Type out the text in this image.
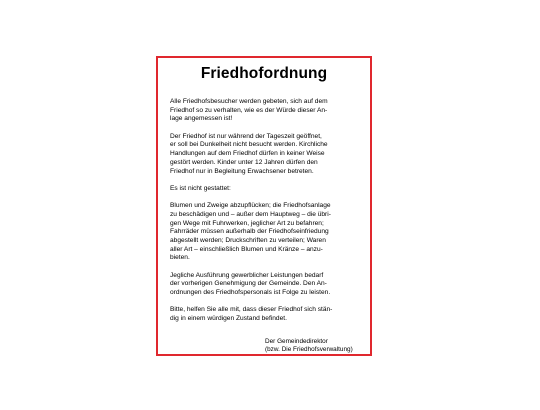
Friedhofordnung

Alle Friedhofsbesucher werden gebeten, sich auf dem
Friedhof so zu verhalten, wie es der Würde dieser An-
lage angemessen ist!

Der Friedhof ist nur während der Tageszeit geöffnet,
er soll bei Dunkelheit nicht besucht werden. Kirchliche
Handlungen auf dem Friedhof dürfen in keiner Weise
gestört werden. Kinder unter 12 Jahren dürfen den
Friedhof nur in Begleitung Erwachsener betreten.

Es ist nicht gestattet:

Blumen und Zweige abzupflücken; die Friedhofsanlage
zu beschädigen und – außer dem Hauptweg – die übri-
gen Wege mit Fuhrwerken, jeglicher Art zu befahren;
Fahrräder müssen außerhalb der Friedhofseinfriedung
abgestellt werden; Druckschriften zu verteilen; Waren
aller Art – einschließlich Blumen und Kränze – anzu-
bieten.

Jegliche Ausführung gewerblicher Leistungen bedarf
der vorherigen Genehmigung der Gemeinde. Den An-
ordnungen des Friedhofspersonals ist Folge zu leisten.

Bitte, helfen Sie alle mit, dass dieser Friedhof sich stän-
dig in einem würdigen Zustand befindet.

Der Gemeindedirektor
(bzw. Die Friedhofsverwaltung)
